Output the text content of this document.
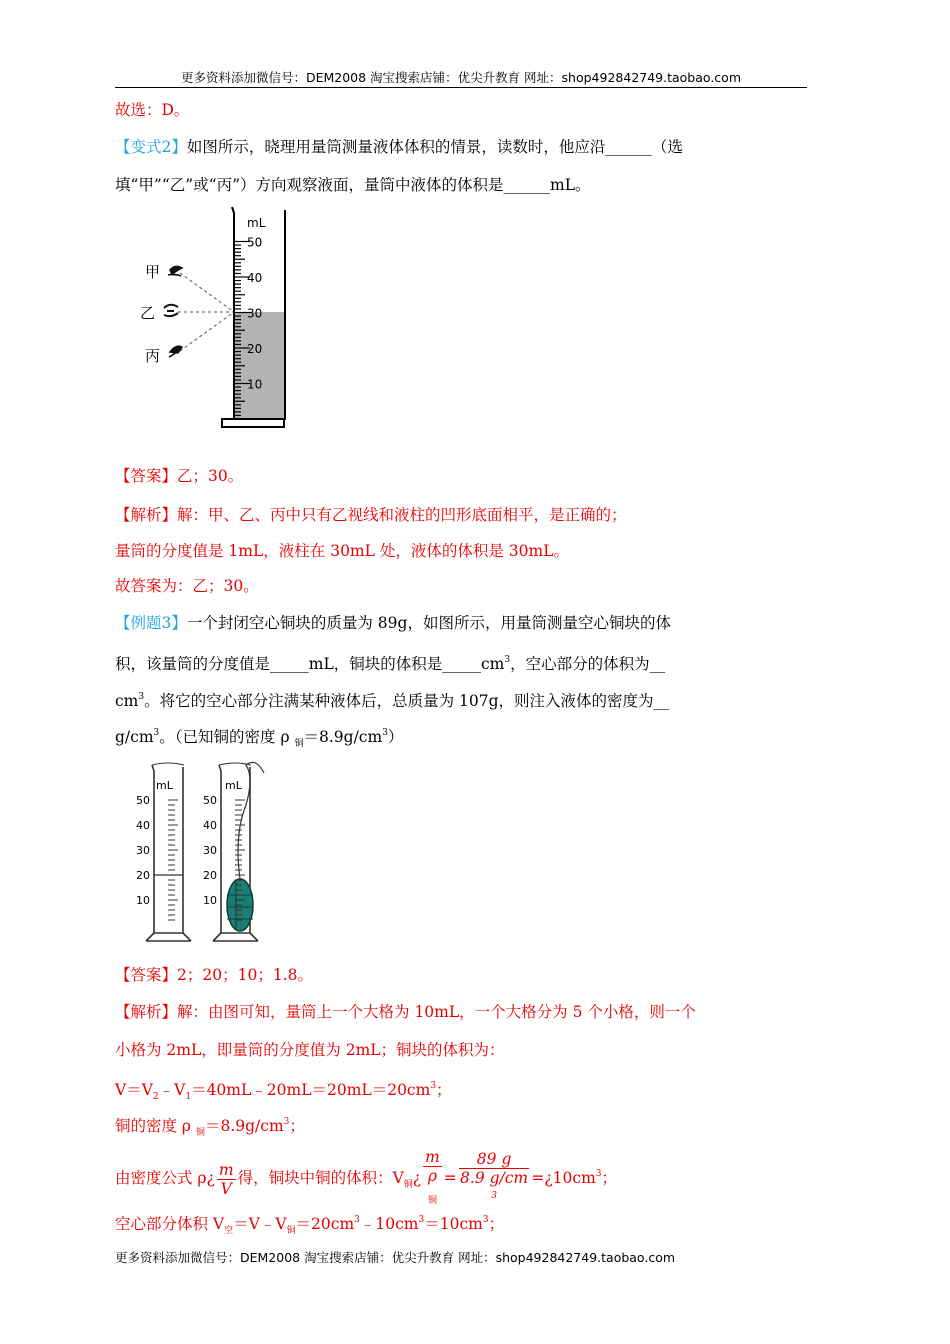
更多资料添加微信号：DEM2008 淘宝搜索店铺：优尖升教育 网址：shop492842749.taobao.com
故选：D。
【变式2】如图所示，晓理用量筒测量液体体积的情景，读数时，他应沿______（选
填“甲”“乙”或“丙”）方向观察液面，量筒中液体的体积是______mL。
50
40
30
20
10
甲
乙
丙
mL
【答案】乙；30。
【解析】解：甲、乙、丙中只有乙视线和液柱的凹形底面相平，是正确的；
量筒的分度值是 1mL，液柱在 30mL 处，液体的体积是 30mL。
故答案为：乙；30。
【例题3】一个封闭空心铜块的质量为 89g，如图所示，用量筒测量空心铜块的体
积，该量筒的分度值是_____mL，铜块的体积是$\_\_\_\_\_cm^3$，空心部分的体积为__
$cm^3$。将它的空心部分注满某种液体后，总质量为 107g，则注入液体的密度为__
$g/cm^3$。（已知铜的密度 ρ $_铜=8.9g/cm^3$）
50
40
30
20
10
mL
50
40
30
20
10
mL
【答案】2；20；10；1.8。
【解析】解：由图可知，量筒上一个大格为 10mL，一个大格分为 5 个小格，则一个
小格为 2mL，即量筒的分度值为 2mL；铜块的体积为：
$V=V_2﹣V_1=40mL﹣20mL=20mL=20cm^3$；
铜的密度 ρ $_铜=8.9g/cm^3$；
由密度公式 ρ¿ $\frac{m}{V}$ 得，铜块中铜的体积：$V_铜¿$ m
ρ
$_铜$ = 89 g
8.9 g/cm
$^3 =¿10cm^3$；
空心部分体积 $V_空=V﹣V_铜=20cm^3﹣10cm^3=10cm^3$；
更多资料添加微信号：DEM2008 淘宝搜索店铺：优尖升教育 网址：shop492842749.taobao.com
